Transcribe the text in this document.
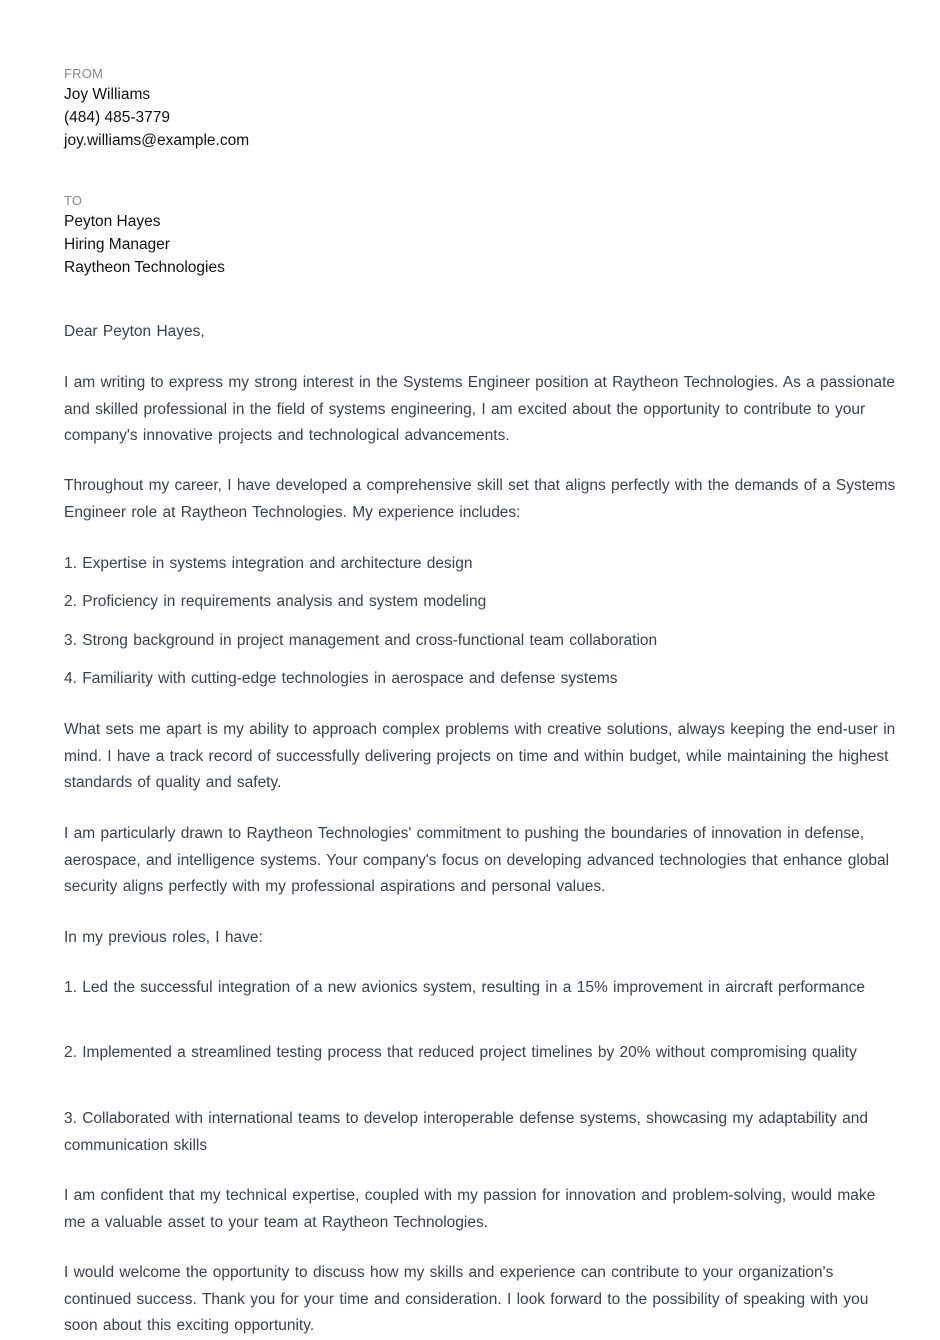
FROM
Joy Williams
(484) 485-3779
joy.williams@example.com
TO
Peyton Hayes
Hiring Manager
Raytheon Technologies
Dear Peyton Hayes,
I am writing to express my strong interest in the Systems Engineer position at Raytheon Technologies. As a passionate and skilled professional in the field of systems engineering, I am excited about the opportunity to contribute to your company's innovative projects and technological advancements.
Throughout my career, I have developed a comprehensive skill set that aligns perfectly with the demands of a Systems Engineer role at Raytheon Technologies. My experience includes:
1. Expertise in systems integration and architecture design
2. Proficiency in requirements analysis and system modeling
3. Strong background in project management and cross-functional team collaboration
4. Familiarity with cutting-edge technologies in aerospace and defense systems
What sets me apart is my ability to approach complex problems with creative solutions, always keeping the end-user in mind. I have a track record of successfully delivering projects on time and within budget, while maintaining the highest standards of quality and safety.
I am particularly drawn to Raytheon Technologies' commitment to pushing the boundaries of innovation in defense, aerospace, and intelligence systems. Your company's focus on developing advanced technologies that enhance global security aligns perfectly with my professional aspirations and personal values.
In my previous roles, I have:
1. Led the successful integration of a new avionics system, resulting in a 15% improvement in aircraft performance
2. Implemented a streamlined testing process that reduced project timelines by 20% without compromising quality
3. Collaborated with international teams to develop interoperable defense systems, showcasing my adaptability and communication skills
I am confident that my technical expertise, coupled with my passion for innovation and problem-solving, would make me a valuable asset to your team at Raytheon Technologies.
I would welcome the opportunity to discuss how my skills and experience can contribute to your organization's continued success. Thank you for your time and consideration. I look forward to the possibility of speaking with you soon about this exciting opportunity.
